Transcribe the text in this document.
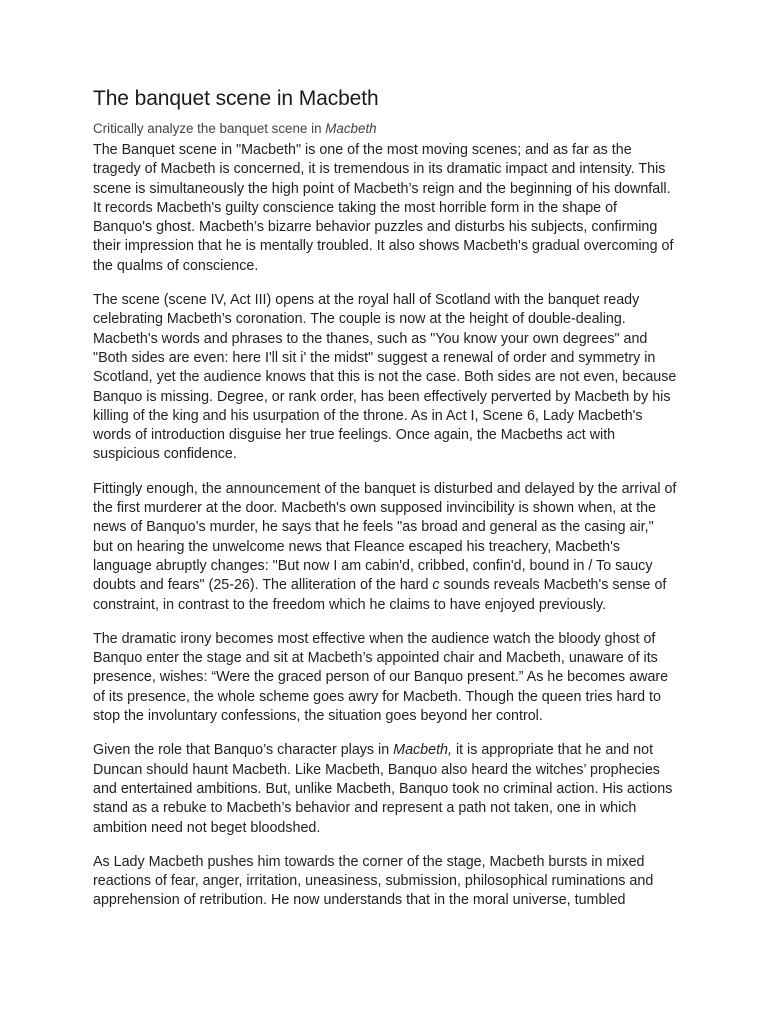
The banquet scene in Macbeth

Critically analyze the banquet scene in Macbeth

The Banquet scene in "Macbeth" is one of the most moving scenes; and as far as the tragedy of Macbeth is concerned, it is tremendous in its dramatic impact and intensity. This scene is simultaneously the high point of Macbeth’s reign and the beginning of his downfall. It records Macbeth's guilty conscience taking the most horrible form in the shape of Banquo's ghost. Macbeth’s bizarre behavior puzzles and disturbs his subjects, confirming their impression that he is mentally troubled. It also shows Macbeth's gradual overcoming of the qualms of conscience.

The scene (scene IV, Act III) opens at the royal hall of Scotland with the banquet ready celebrating Macbeth’s coronation. The couple is now at the height of double-dealing. Macbeth's words and phrases to the thanes, such as "You know your own degrees" and "Both sides are even: here I'll sit i' the midst" suggest a renewal of order and symmetry in Scotland, yet the audience knows that this is not the case. Both sides are not even, because Banquo is missing. Degree, or rank order, has been effectively perverted by Macbeth by his killing of the king and his usurpation of the throne. As in Act I, Scene 6, Lady Macbeth's words of introduction disguise her true feelings. Once again, the Macbeths act with suspicious confidence.

Fittingly enough, the announcement of the banquet is disturbed and delayed by the arrival of the first murderer at the door. Macbeth's own supposed invincibility is shown when, at the news of Banquo’s murder, he says that he feels "as broad and general as the casing air," but on hearing the unwelcome news that Fleance escaped his treachery, Macbeth's language abruptly changes: "But now I am cabin'd, cribbed, confin'd, bound in / To saucy doubts and fears" (25-26). The alliteration of the hard c sounds reveals Macbeth's sense of constraint, in contrast to the freedom which he claims to have enjoyed previously.

The dramatic irony becomes most effective when the audience watch the bloody ghost of Banquo enter the stage and sit at Macbeth’s appointed chair and Macbeth, unaware of its presence, wishes: “Were the graced person of our Banquo present.” As he becomes aware of its presence, the whole scheme goes awry for Macbeth. Though the queen tries hard to stop the involuntary confessions, the situation goes beyond her control.

Given the role that Banquo’s character plays in Macbeth, it is appropriate that he and not Duncan should haunt Macbeth. Like Macbeth, Banquo also heard the witches’ prophecies and entertained ambitions. But, unlike Macbeth, Banquo took no criminal action. His actions stand as a rebuke to Macbeth’s behavior and represent a path not taken, one in which ambition need not beget bloodshed.

As Lady Macbeth pushes him towards the corner of the stage, Macbeth bursts in mixed reactions of fear, anger, irritation, uneasiness, submission, philosophical ruminations and apprehension of retribution. He now understands that in the moral universe, tumbled
